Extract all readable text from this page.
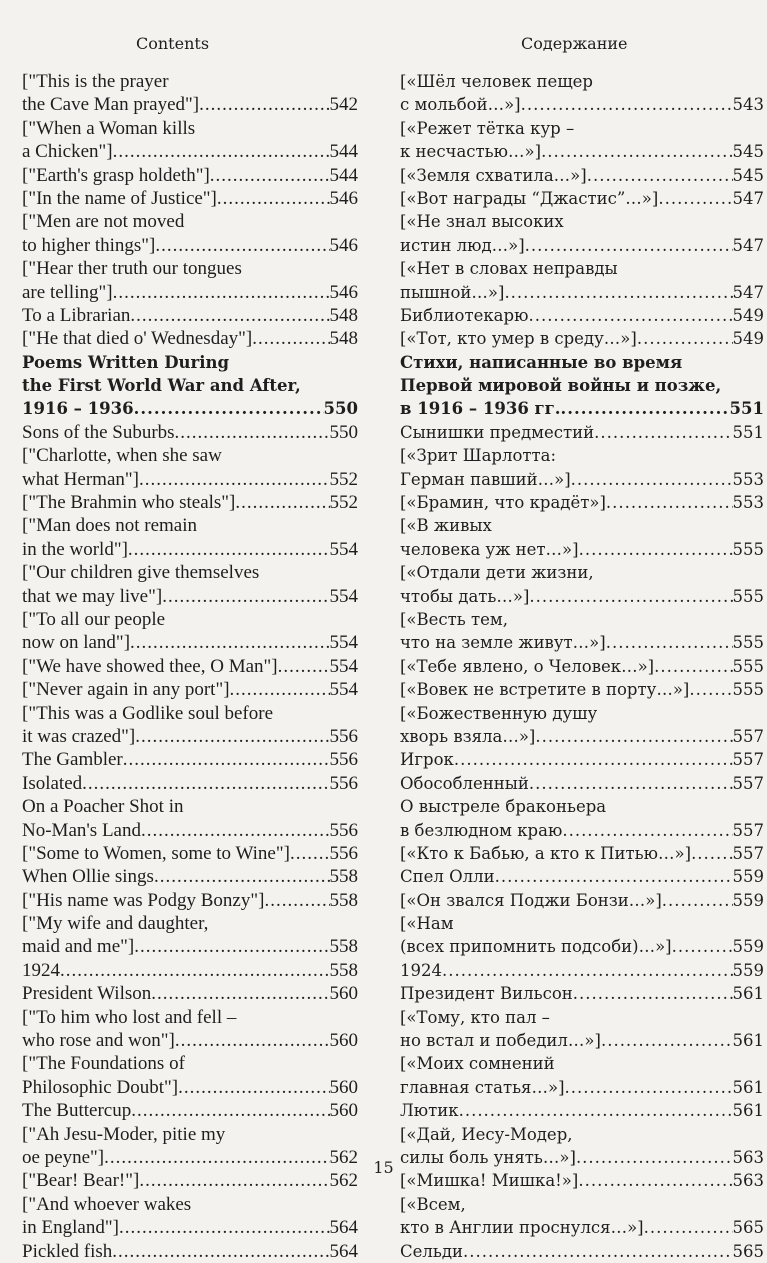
Contents	Содержание
["This is the prayer
the Cave Man prayed"] .....	542
["When a Woman kills
a Chicken"] .....	544
["Earth's grasp holdeth"] .....	544
["In the name of Justice"] .....	546
["Men are not moved
to higher things"] .....	546
["Hear ther truth our tongues
are telling"] .....	546
To a Librarian .....	548
["He that died o' Wednesday"] .....	548
Poems Written During
the First World War and After,
1916 – 1936 .....	550
Sons of the Suburbs .....	550
["Charlotte, when she saw
what Herman"] .....	552
["The Brahmin who steals"] .....	552
["Man does not remain
in the world"] .....	554
["Our children give themselves
that we may live"] .....	554
["To all our people
now on land"] .....	554
["We have showed thee, O Man"] .....	554
["Never again in any port"] .....	554
["This was a Godlike soul before
it was crazed"] .....	556
The Gambler .....	556
Isolated .....	556
On a Poacher Shot in
No-Man's Land .....	556
["Some to Women, some to Wine"] ..... 556
When Ollie sings .....	558
["His name was Podgy Bonzy"] .....	558
["My wife and daughter,
maid and me"] .....	558
1924 .....	558
President Wilson .....	560
["To him who lost and fell –
who rose and won"] .....	560
["The Foundations of
Philosophic Doubt"] .....	560
The Buttercup .....	560
["Ah Jesu-Moder, pitie my
oe peyne"] .....	562
["Bear! Bear!"] .....	562
["And whoever wakes
in England"] .....	564
Pickled fish .....	564
[«Шёл человек пещер
с мольбой…»] .....	543
[«Режет тётка кур –
к несчастью…»] .....	545
[«Земля схватила…»] .....	545
[«Вот награды “Джастис”…»] .....	547
[«Не знал высоких
истин люд…»] .....	547
[«Нет в словах неправды
пышной…»] .....	547
Библиотекарю .....	549
[«Тот, кто умер в среду…»] .....	549
Стихи, написанные во время
Первой мировой войны и позже,
в 1916 – 1936 гг. .....	551
Сынишки предместий .....	551
[«Зрит Шарлотта:
Герман павший…»] .....	553
[«Брамин, что крадёт»] .....	553
[«В живых
человека уж нет…»] .....	555
[«Отдали дети жизни,
чтобы дать…»] .....	555
[«Весть тем,
что на земле живут…»] .....	555
[«Тебе явлено, о Человек…»] .....	555
[«Вовек не встретите в порту…»] .....	555
[«Божественную душу
хворь взяла…»] .....	557
Игрок .....	557
Обособленный .....	557
О выстреле браконьера
в безлюдном краю .....	557
[«Кто к Бабью, а кто к Питью…»] .....	557
Спел Олли .....	559
[«Он звался Поджи Бонзи…»] .....	559
[«Нам
(всех припомнить подсоби)…»] .....	559
1924 .....	559
Президент Вильсон .....	561
[«Тому, кто пал –
но встал и победил…»] .....	561
[«Моих сомнений
главная статья…»] .....	561
Лютик .....	561
[«Дай, Иесу-Модер,
силы боль унять…»] .....	563
[«Мишка! Мишка!»] .....	563
[«Всем,
кто в Англии проснулся…»] .....	565
Сельди .....	565
15
